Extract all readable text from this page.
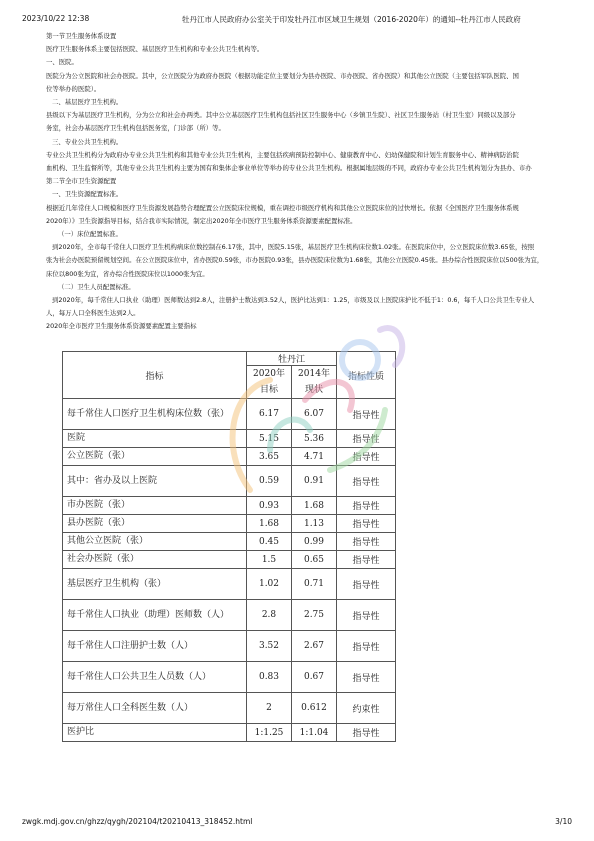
2023/10/22 12:38	牡丹江市人民政府办公室关于印发牡丹江市区域卫生规划（2016-2020年）的通知--牡丹江市人民政府

第一节卫生服务体系设置

医疗卫生服务体系主要包括医院、基层医疗卫生机构和专业公共卫生机构等。

一、医院。

医院分为公立医院和社会办医院。其中，公立医院分为政府办医院（根据功能定位主要划分为县办医院、市办医院、省办医院）和其他公立医院（主要包括军队医院、国

位等举办的医院）。

二、基层医疗卫生机构。

县级以下为基层医疗卫生机构，分为公立和社会办两类。其中公立基层医疗卫生机构包括社区卫生服务中心（乡镇卫生院）、社区卫生服务站（村卫生室）同级以及部分

务室，社会办基层医疗卫生机构包括医务室，门诊部（所）等。

三、专业公共卫生机构。

专业公共卫生机构分为政府办专业公共卫生机构和其他专业公共卫生机构，主要包括疾病预防控制中心、健康教育中心、妇幼保健院和计划生育服务中心、精神病防治院

血机构、卫生监督所等，其他专业公共卫生机构主要为国有和集体企事业单位等举办的专业公共卫生机构。根据属地层级的不同，政府办专业公共卫生机构划分为县办、市办

第二节全市卫生资源配置

一、卫生资源配置标准。

根据近几年常住人口规模和医疗卫生资源发展趋势合理配置公立医院床位规模，重在调控市级医疗机构和其他公立医院床位的过快增长。依据《全国医疗卫生服务体系规

2020年）》卫生资源指导目标，结合我市实际情况，制定出2020年全市医疗卫生服务体系资源要素配置标准。

（一）床位配置标准。

到2020年，全市每千常住人口医疗卫生机构病床位数控制在6.17张，其中，医院5.15张，基层医疗卫生机构床位数1.02张。在医院床位中，公立医院床位数3.65张，按照

张为社会办医院预留规划空间。在公立医院床位中，省办医院0.59张，市办医院0.93张，县办医院床位数为1.68张，其他公立医院0.45张。县办综合性医院床位以500张为宜，

床位以800张为宜，省办综合性医院床位以1000张为宜。

（二）卫生人员配置标准。

到2020年，每千常住人口执业（助理）医师数达到2.8人，注册护士数达到3.52人，医护比达到1：1.25，市级及以上医院床护比不低于1：0.6，每千人口公共卫生专业人

人，每万人口全科医生达到2人。

2020年全市医疗卫生服务体系资源要素配置主要指标

指标	牡丹江		指标性质

	2020年目标	2014年现状	

每千常住人口医疗卫生机构床位数（张）	6.17	6.07	指导性
医院	5.15	5.36	指导性
公立医院（张）	3.65	4.71	指导性
其中：省办及以上医院	0.59	0.91	指导性
市办医院（张）	0.93	1.68	指导性
县办医院（张）	1.68	1.13	指导性
其他公立医院（张）	0.45	0.99	指导性
社会办医院（张）	1.5	0.65	指导性
基层医疗卫生机构（张）	1.02	0.71	指导性
每千常住人口执业（助理）医师数（人）	2.8	2.75	指导性
每千常住人口注册护士数（人）	3.52	2.67	指导性
每千常住人口公共卫生人员数（人）	0.83	0.67	指导性
每万常住人口全科医生数（人）	2	0.612	约束性
医护比	1:1.25	1:1.04	指导性
zwgk.mdj.gov.cn/ghzz/qygh/202104/t20210413_318452.html	3/10
